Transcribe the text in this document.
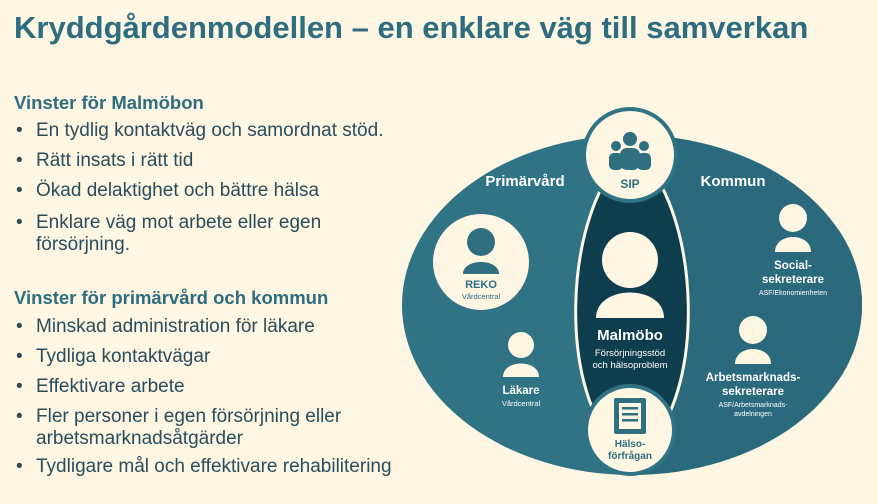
Kryddgårdenmodellen – en enklare väg till samverkan
Vinster för Malmöbon
• En tydlig kontaktväg och samordnat stöd.
• Rätt insats i rätt tid
• Ökad delaktighet och bättre hälsa
• Enklare väg mot arbete eller egen försörjning.
Vinster för primärvård och kommun
• Minskad administration för läkare
• Tydliga kontaktvägar
• Effektivare arbete
• Fler personer i egen försörjning eller arbetsmarknadsåtgärder
• Tydligare mål och effektivare rehabilitering
Primärvård	Kommun
SIP
Hälso-
förfrågan
REKO
Vårdcentral
Läkare
Vårdcentral
Social-
sekreterare
ASF/Ekonomienheten
Arbetsmarknads-
sekreterare
ASF/Arbetsmarknads-
avdelningen
Malmöbo
Försörjningsstöd
och hälsoproblem
